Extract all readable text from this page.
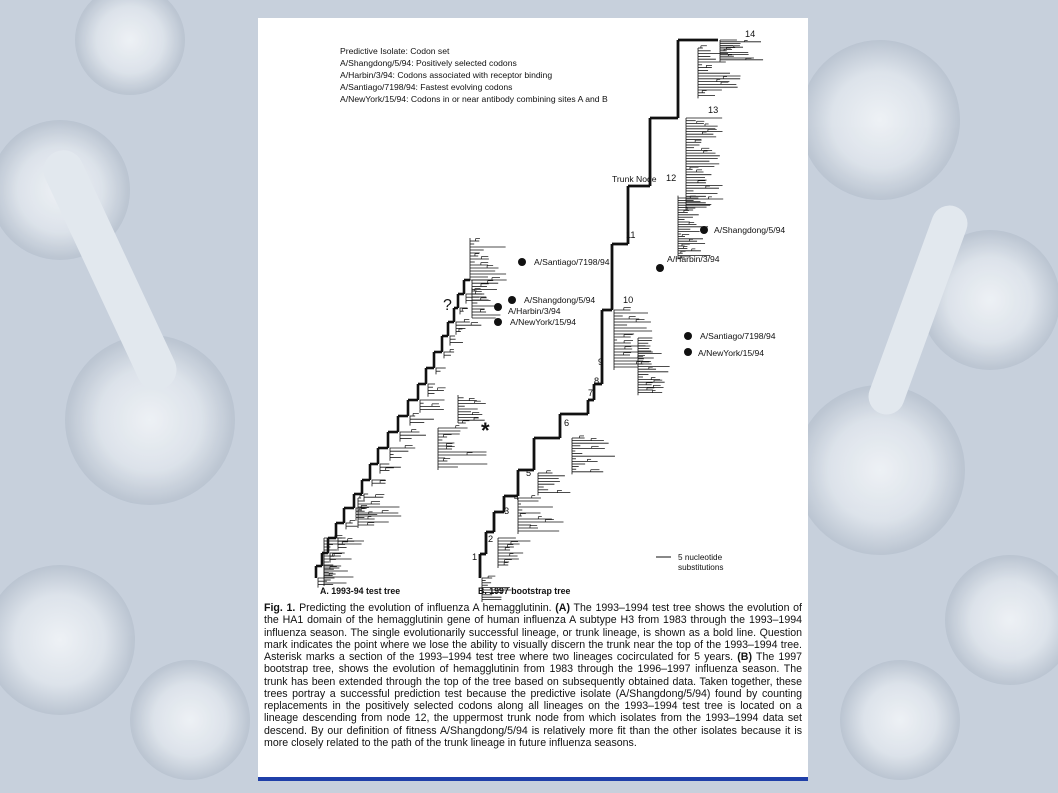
Predictive Isolate: Codon set
A/Shangdong/5/94: Positively selected codons
A/Harbin/3/94: Codons associated with receptor binding
A/Santiago/7198/94: Fastest evolving codons
A/NewYork/15/94: Codons in or near antibody combining sites A and B
?
*
A/Santiago/7198/94
A/Shangdong/5/94
A/Harbin/3/94
A/NewYork/15/94
A. 1993-94 test tree
1
2
3
4
5
6
7
8
9
10
11
12
13
14
Trunk Node
A/Shangdong/5/94
A/Harbin/3/94
A/Santiago/7198/94
A/NewYork/15/94
B. 1997 bootstrap tree
5 nucleotide
substitutions
Fig. 1. Predicting the evolution of influenza A hemagglutinin. (A) The 1993–1994 test tree shows the evolution of the HA1 domain of the hemagglutinin gene of human influenza A subtype H3 from 1983 through the 1993–1994 influenza season. The single evolutionarily successful lineage, or trunk lineage, is shown as a bold line. Question mark indicates the point where we lose the ability to visually discern the trunk near the top of the 1993–1994 tree. Asterisk marks a section of the 1993–1994 test tree where two lineages cocirculated for 5 years. (B) The 1997 bootstrap tree, shows the evolution of hemagglutinin from 1983 through the 1996–1997 influenza season. The trunk has been extended through the top of the tree based on subsequently obtained data. Taken together, these trees portray a successful prediction test because the predictive isolate (A/Shangdong/5/94) found by counting replacements in the positively selected codons along all lineages on the 1993–1994 test tree is located on a lineage descending from node 12, the uppermost trunk node from which isolates from the 1993–1994 data set descend. By our definition of fitness A/Shangdong/5/94 is relatively more fit than the other isolates because it is more closely related to the path of the trunk lineage in future influenza seasons.
